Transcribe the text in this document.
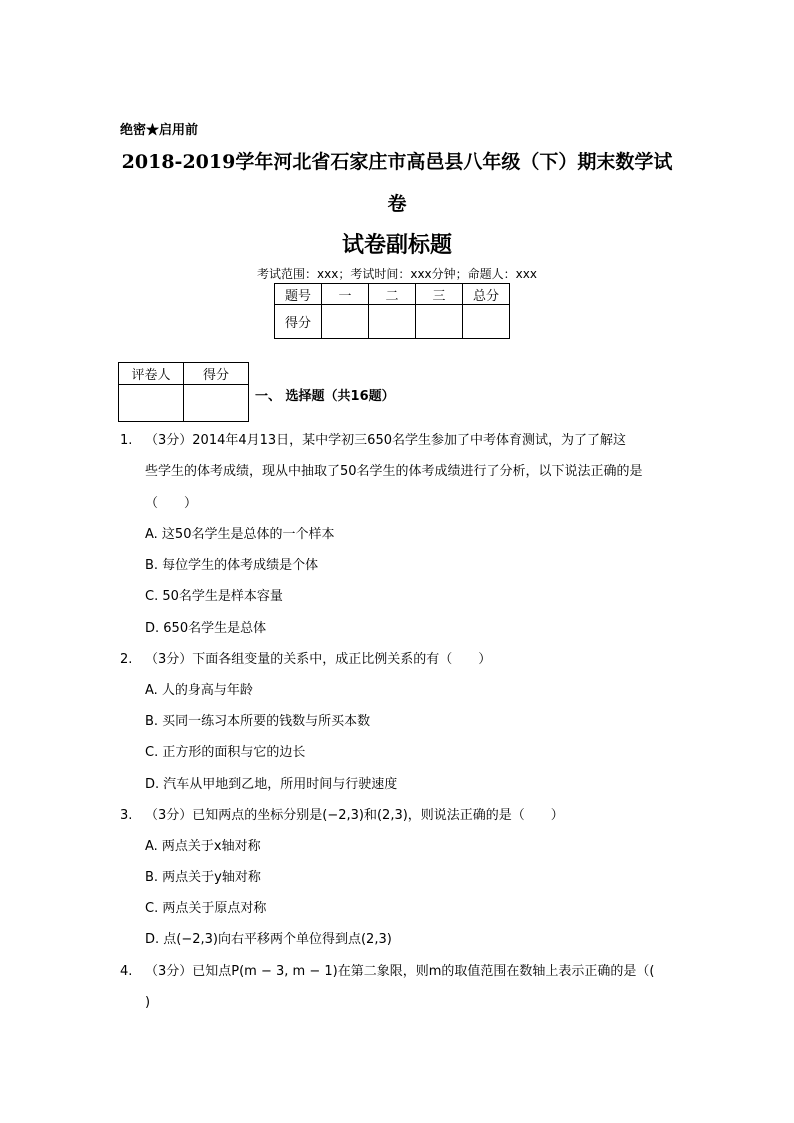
绝密★启用前
2018-2019学年河北省石家庄市高邑县八年级（下）期末数学试
卷
试卷副标题
考试范围：xxx；考试时间：xxx分钟；命题人：xxx
题号	一	二	三	总分
得分				
评卷人	得分

一、 选择题（共16题）
1. （3分）2014年4月13日，某中学初三650名学生参加了中考体育测试，为了了解这
些学生的体考成绩，现从中抽取了50名学生的体考成绩进行了分析，以下说法正确的是
（　　）
A. 这50名学生是总体的一个样本
B. 每位学生的体考成绩是个体
C. 50名学生是样本容量
D. 650名学生是总体
2. （3分）下面各组变量的关系中，成正比例关系的有（　　）
A. 人的身高与年龄
B. 买同一练习本所要的钱数与所买本数
C. 正方形的面积与它的边长
D. 汽车从甲地到乙地，所用时间与行驶速度
3. （3分）已知两点的坐标分别是(−2,3)和(2,3)，则说法正确的是（　　）
A. 两点关于x轴对称
B. 两点关于y轴对称
C. 两点关于原点对称
D. 点(−2,3)向右平移两个单位得到点(2,3)
4. （3分）已知点P(m − 3, m − 1)在第二象限，则m的取值范围在数轴上表示正确的是（(
)
